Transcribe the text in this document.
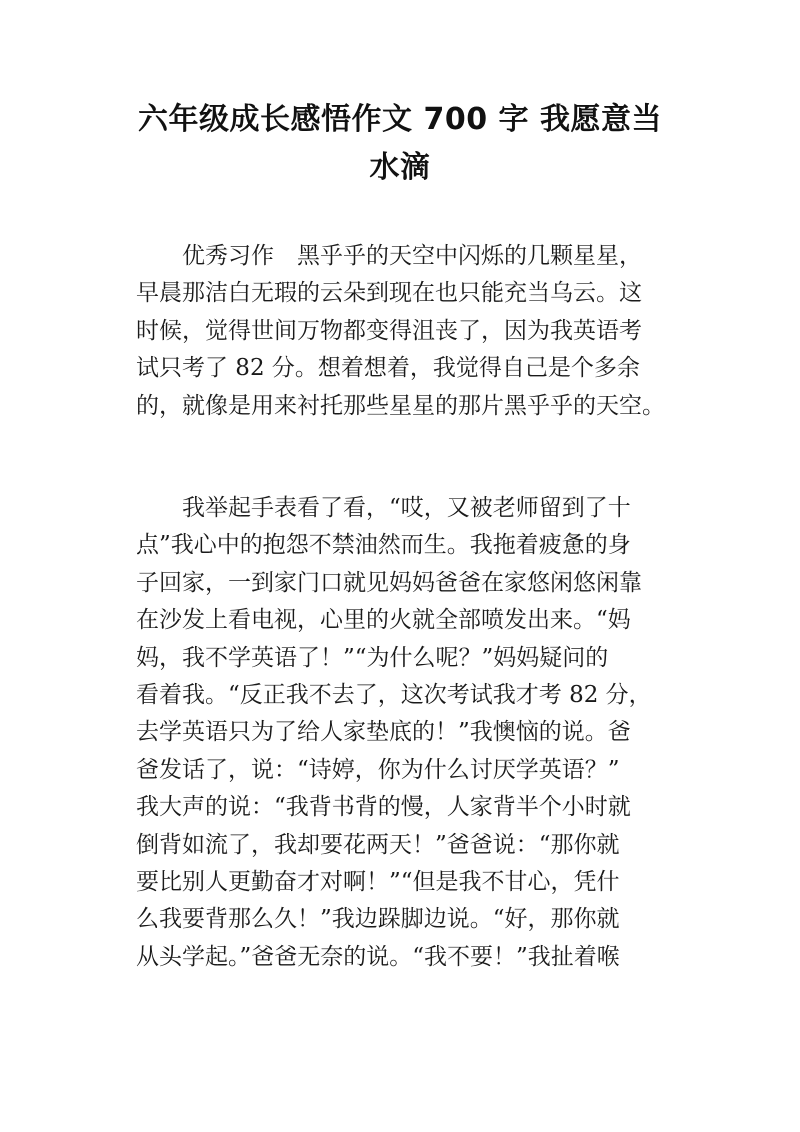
六年级成长感悟作文 700 字 我愿意当
水滴
优秀习作　黑乎乎的天空中闪烁的几颗星星，
早晨那洁白无瑕的云朵到现在也只能充当乌云。这
时候，觉得世间万物都变得沮丧了，因为我英语考
试只考了 82 分。想着想着，我觉得自己是个多余
的，就像是用来衬托那些星星的那片黑乎乎的天空。
我举起手表看了看，“哎，又被老师留到了十
点”我心中的抱怨不禁油然而生。我拖着疲惫的身
子回家，一到家门口就见妈妈爸爸在家悠闲悠闲靠
在沙发上看电视，心里的火就全部喷发出来。“妈
妈，我不学英语了！”“为什么呢？”妈妈疑问的
看着我。“反正我不去了，这次考试我才考 82 分，
去学英语只为了给人家垫底的！”我懊恼的说。爸
爸发话了，说：“诗婷，你为什么讨厌学英语？”
我大声的说：“我背书背的慢，人家背半个小时就
倒背如流了，我却要花两天！”爸爸说：“那你就
要比别人更勤奋才对啊！”“但是我不甘心，凭什
么我要背那么久！”我边跺脚边说。“好，那你就
从头学起。”爸爸无奈的说。“我不要！”我扯着喉
